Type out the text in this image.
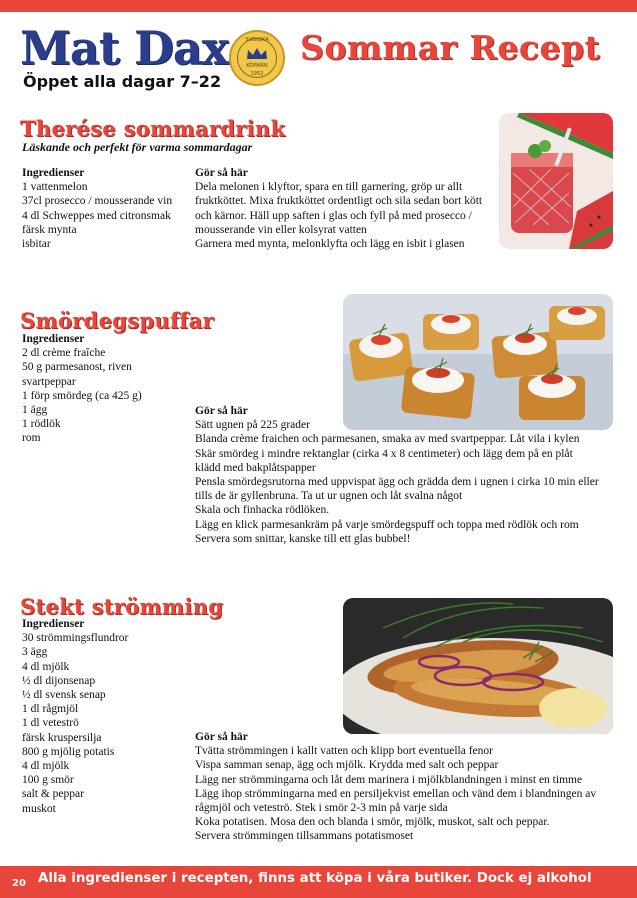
Mat Dax	SVENSKA
KÖPMÄN
1952
Öppet alla dagar 7–22
Sommar Recept
Therése sommardrink
Läskande och perfekt för varma sommardagar
Ingredienser
1 vattenmelon
37cl prosecco / mousserande vin
4 dl Schweppes med citronsmak
färsk mynta
isbitar
Gör så här
Dela melonen i klyftor, spara en till garnering, gröp ur allt
fruktköttet. Mixa fruktköttet ordentligt och sila sedan bort kött
och kärnor. Häll upp saften i glas och fyll på med prosecco /
mousserande vin eller kolsyrat vatten
Garnera med mynta, melonklyfta och lägg en isbit i glasen
Smördegspuffar
Ingredienser
2 dl crème fraîche
50 g parmesanost, riven
svartpeppar
1 förp smördeg (ca 425 g)
1 ägg
1 rödlök
rom
Gör så här
Sätt ugnen på 225 grader
Blanda crème fraichen och parmesanen, smaka av med svartpeppar. Låt vila i kylen
Skär smördeg i mindre rektanglar (cirka 4 x 8 centimeter) och lägg dem på en plåt
klädd med bakplåtspapper
Pensla smördegsrutorna med uppvispat ägg och grädda dem i ugnen i cirka 10 min eller
tills de är gyllenbruna. Ta ut ur ugnen och låt svalna något
Skala och finhacka rödlöken.
Lägg en klick parmesankräm på varje smördegspuff och toppa med rödlök och rom
Servera som snittar, kanske till ett glas bubbel!
Stekt strömming
Ingredienser
30 strömmingsflundror
3 ägg
4 dl mjölk
½ dl dijonsenap
½ dl svensk senap
1 dl rågmjöl
1 dl veteströ
färsk kruspersilja
800 g mjölig potatis
4 dl mjölk
100 g smör
salt & peppar
muskot
Gör så här
Tvätta strömmingen i kallt vatten och klipp bort eventuella fenor
Vispa samman senap, ägg och mjölk. Krydda med salt och peppar
Lägg ner strömmingarna och låt dem marinera i mjölkblandningen i minst en timme
Lägg ihop strömmingarna med en persiljekvist emellan och vänd dem i blandningen av
rågmjöl och veteströ. Stek i smör 2-3 min på varje sida
Koka potatisen. Mosa den och blanda i smör, mjölk, muskot, salt och peppar.
Servera strömmingen tillsammans potatismoset
20 Alla ingredienser i recepten, finns att köpa i våra butiker. Dock ej alkohol
